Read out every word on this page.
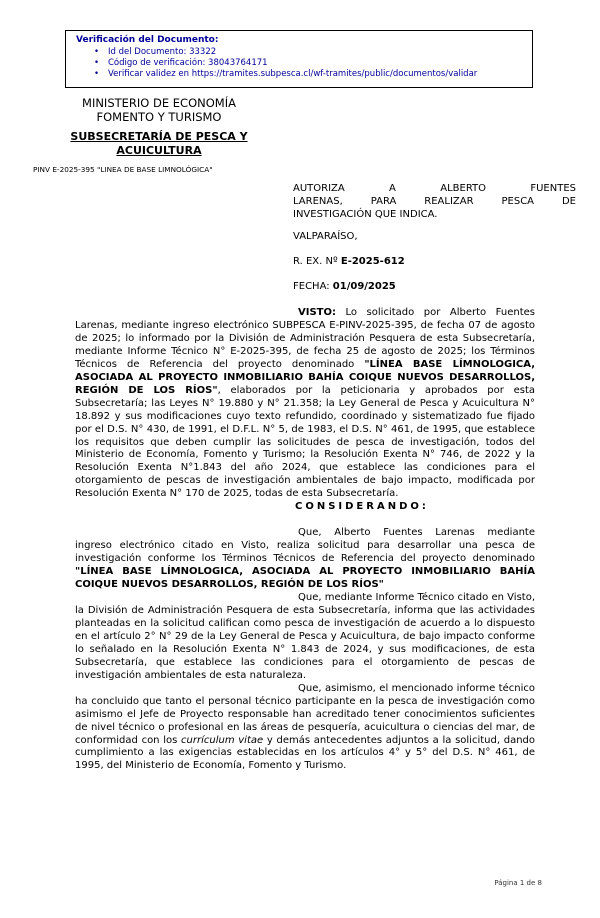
Verificación del Documento:
• Id del Documento: 33322
• Código de verificación: 38043764171
• Verificar validez en https://tramites.subpesca.cl/wf-tramites/public/documentos/validar
MINISTERIO DE ECONOMÍA
FOMENTO Y TURISMO
SUBSECRETARÍA DE PESCA Y
ACUICULTURA
PINV E-2025-395 "LINEA DE BASE LIMNOLÓGICA"
AUTORIZA A ALBERTO FUENTES
LARENAS, PARA REALIZAR PESCA DE
INVESTIGACIÓN QUE INDICA.
VALPARAÍSO,
R. EX. Nº E-2025-612
FECHA: 01/09/2025

VISTO: Lo solicitado por Alberto Fuentes Larenas, mediante ingreso electrónico SUBPESCA E-PINV-2025-395, de fecha 07 de agosto de 2025; lo informado por la División de Administración Pesquera de esta Subsecretaría, mediante Informe Técnico N° E-2025-395, de fecha 25 de agosto de 2025; los Términos Técnicos de Referencia del proyecto denominado "LÍNEA BASE LÍMNOLOGICA, ASOCIADA AL PROYECTO INMOBILIARIO BAHÍA COIQUE NUEVOS DESARROLLOS, REGIÓN DE LOS RÍOS", elaborados por la peticionaria y aprobados por esta Subsecretaría; las Leyes N° 19.880 y N° 21.358; la Ley General de Pesca y Acuicultura N° 18.892 y sus modificaciones cuyo texto refundido, coordinado y sistematizado fue fijado por el D.S. N° 430, de 1991, el D.F.L. N° 5, de 1983, el D.S. N° 461, de 1995, que establece los requisitos que deben cumplir las solicitudes de pesca de investigación, todos del Ministerio de Economía, Fomento y Turismo; la Resolución Exenta N° 746, de 2022 y la Resolución Exenta N°1.843 del año 2024, que establece las condiciones para el otorgamiento de pescas de investigación ambientales de bajo impacto, modificada por Resolución Exenta N° 170 de 2025, todas de esta Subsecretaría.

CONSIDERANDO:

Que, Alberto Fuentes Larenas mediante ingreso electrónico citado en Visto, realiza solicitud para desarrollar una pesca de investigación conforme los Términos Técnicos de Referencia del proyecto denominado "LÍNEA BASE LÍMNOLOGICA, ASOCIADA AL PROYECTO INMOBILIARIO BAHÍA COIQUE NUEVOS DESARROLLOS, REGIÓN DE LOS RÍOS"

Que, mediante Informe Técnico citado en Visto, la División de Administración Pesquera de esta Subsecretaría, informa que las actividades planteadas en la solicitud califican como pesca de investigación de acuerdo a lo dispuesto en el artículo 2° N° 29 de la Ley General de Pesca y Acuicultura, de bajo impacto conforme lo señalado en la Resolución Exenta N° 1.843 de 2024, y sus modificaciones, de esta Subsecretaría, que establece las condiciones para el otorgamiento de pescas de investigación ambientales de esta naturaleza.

Que, asimismo, el mencionado informe técnico ha concluido que tanto el personal técnico participante en la pesca de investigación como asimismo el Jefe de Proyecto responsable han acreditado tener conocimientos suficientes de nivel técnico o profesional en las áreas de pesquería, acuicultura o ciencias del mar, de conformidad con los currículum vitae y demás antecedentes adjuntos a la solicitud, dando cumplimiento a las exigencias establecidas en los artículos 4° y 5° del D.S. N° 461, de 1995, del Ministerio de Economía, Fomento y Turismo.

Página 1 de 8
